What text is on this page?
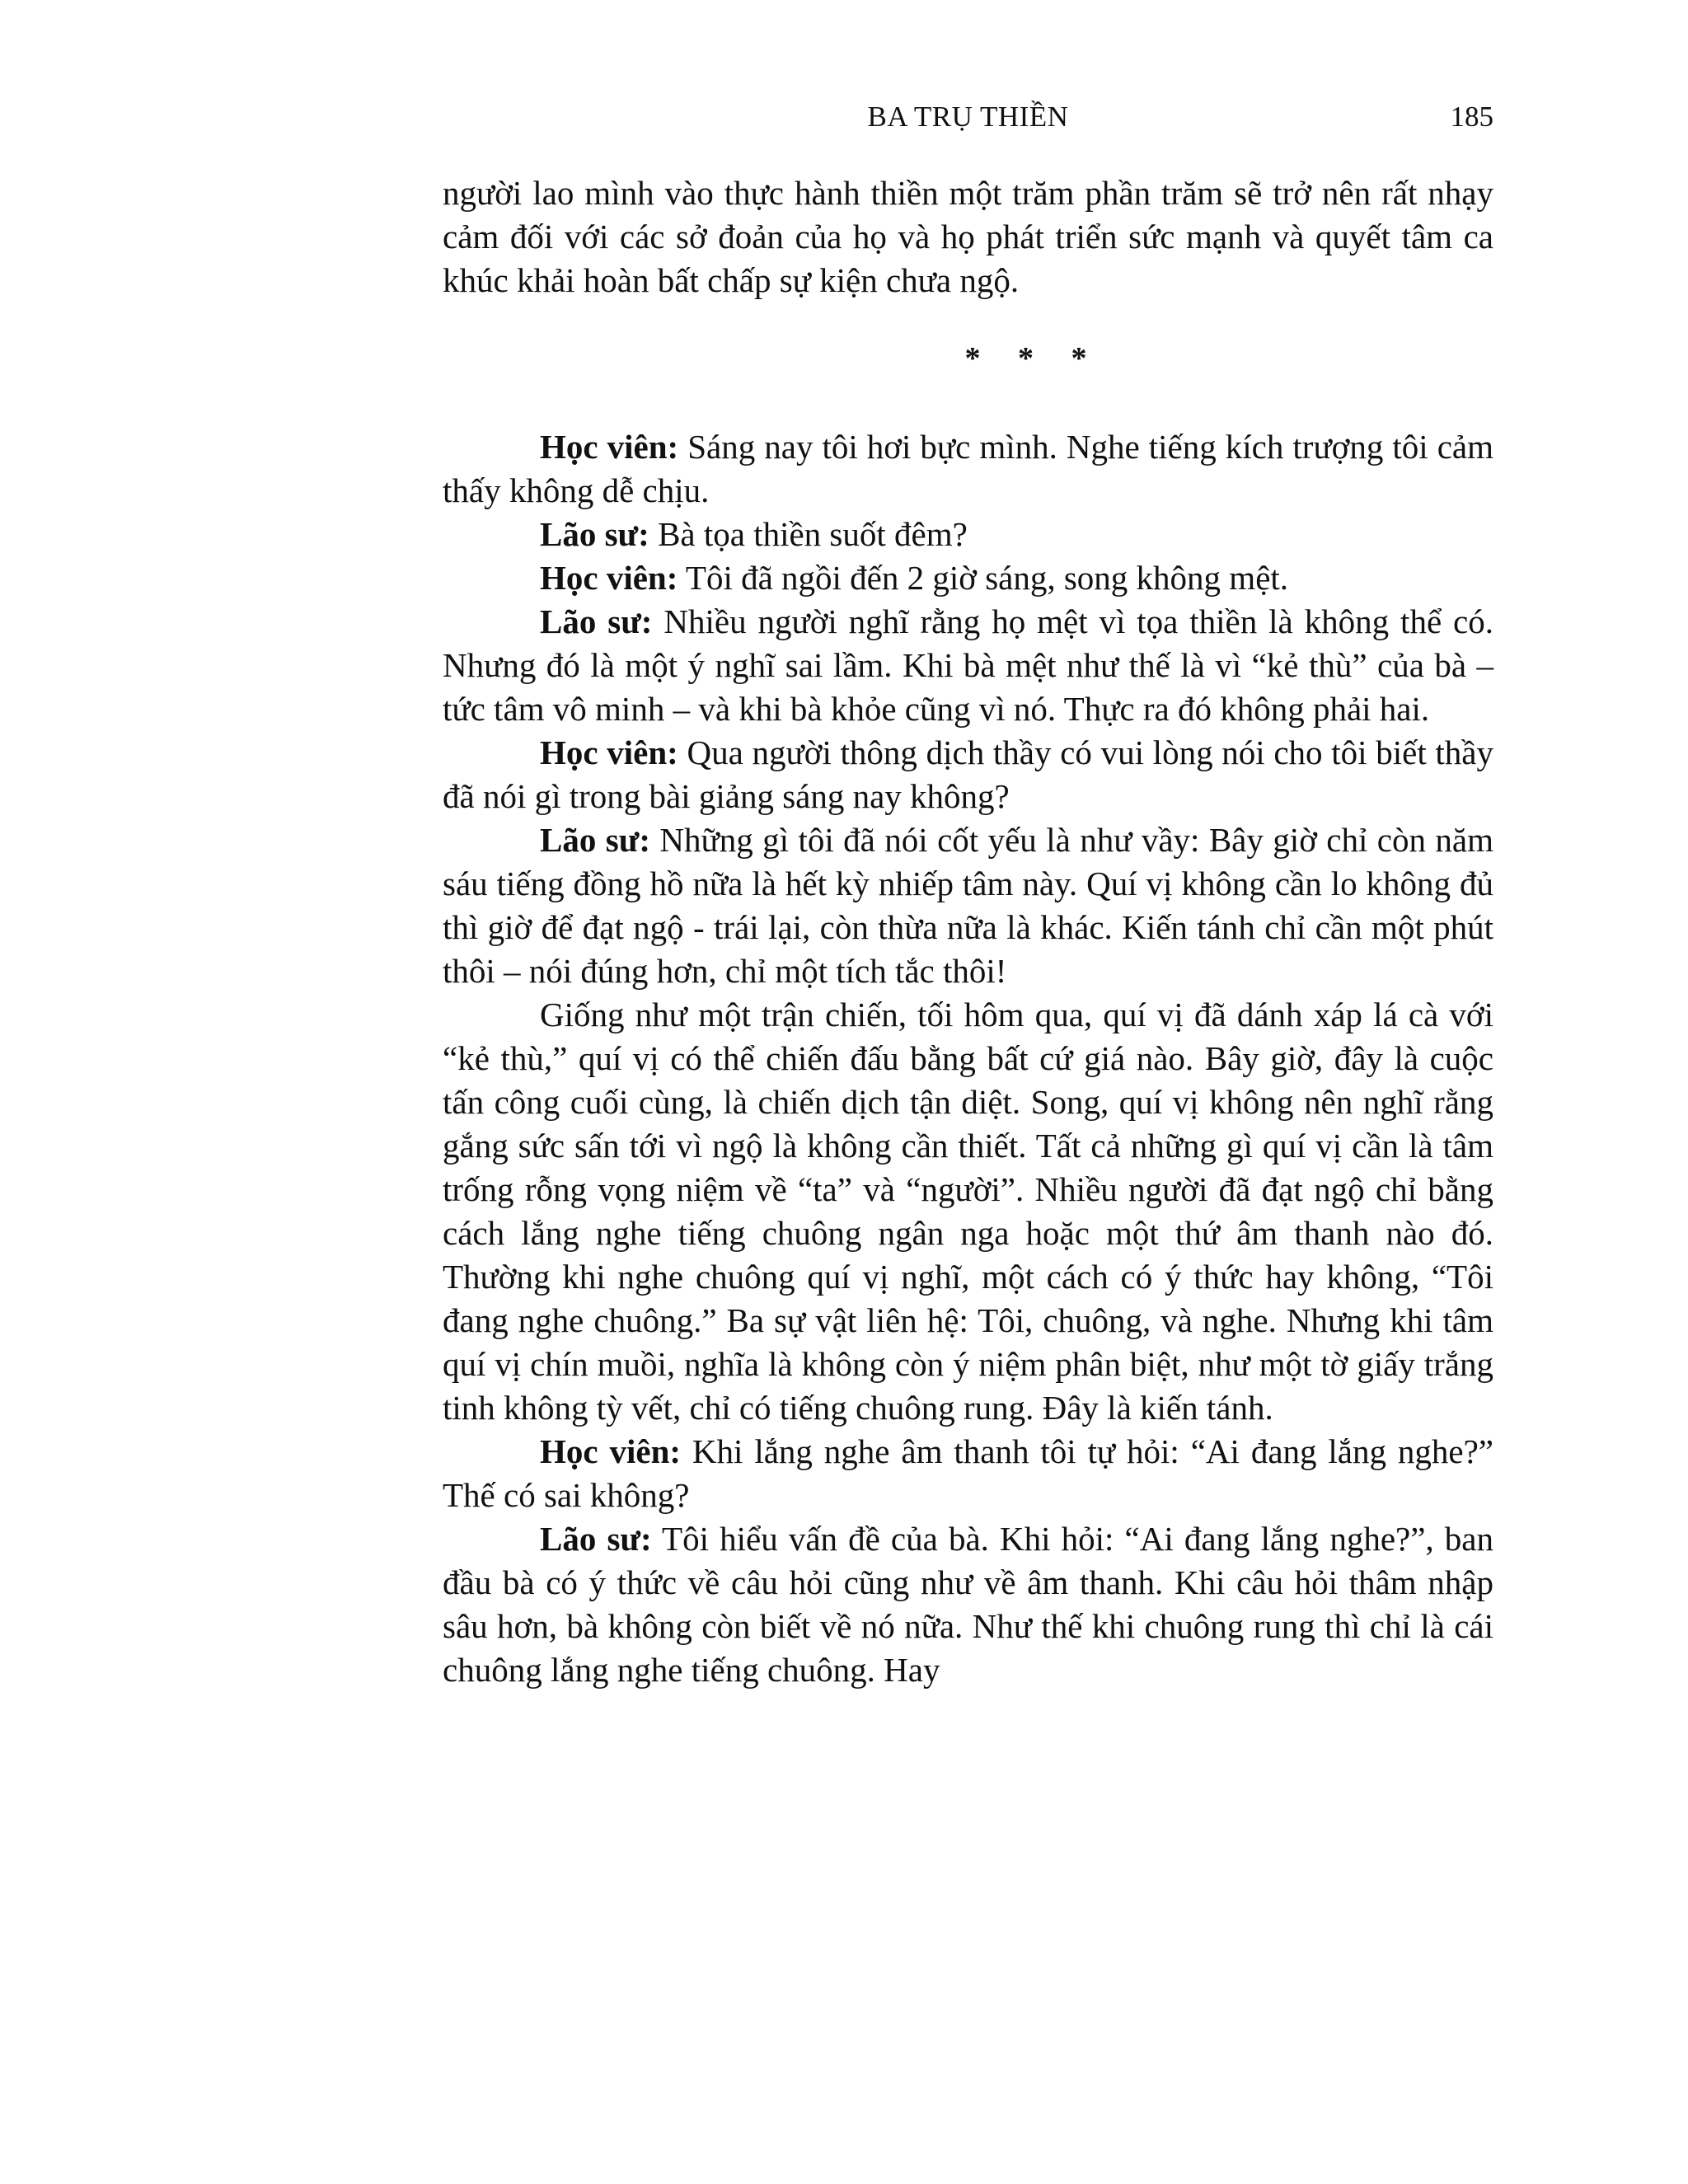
BA TRỤ THIỀN	185

người lao mình vào thực hành thiền một trăm phần trăm sẽ trở nên rất nhạy cảm đối với các sở đoản của họ và họ phát triển sức mạnh và quyết tâm ca khúc khải hoàn bất chấp sự kiện chưa ngộ.

* * *

Học viên: Sáng nay tôi hơi bực mình. Nghe tiếng kích trượng tôi cảm thấy không dễ chịu.

Lão sư: Bà tọa thiền suốt đêm?

Học viên: Tôi đã ngồi đến 2 giờ sáng, song không mệt.

Lão sư: Nhiều người nghĩ rằng họ mệt vì tọa thiền là không thể có. Nhưng đó là một ý nghĩ sai lầm. Khi bà mệt như thế là vì “kẻ thù” của bà – tức tâm vô minh – và khi bà khỏe cũng vì nó. Thực ra đó không phải hai.

Học viên: Qua người thông dịch thầy có vui lòng nói cho tôi biết thầy đã nói gì trong bài giảng sáng nay không?

Lão sư: Những gì tôi đã nói cốt yếu là như vầy: Bây giờ chỉ còn năm sáu tiếng đồng hồ nữa là hết kỳ nhiếp tâm này. Quí vị không cần lo không đủ thì giờ để đạt ngộ - trái lại, còn thừa nữa là khác. Kiến tánh chỉ cần một phút thôi – nói đúng hơn, chỉ một tích tắc thôi!

Giống như một trận chiến, tối hôm qua, quí vị đã dánh xáp lá cà với “kẻ thù,” quí vị có thể chiến đấu bằng bất cứ giá nào. Bây giờ, đây là cuộc tấn công cuối cùng, là chiến dịch tận diệt. Song, quí vị không nên nghĩ rằng gắng sức sấn tới vì ngộ là không cần thiết. Tất cả những gì quí vị cần là tâm trống rỗng vọng niệm về “ta” và “người”. Nhiều người đã đạt ngộ chỉ bằng cách lắng nghe tiếng chuông ngân nga hoặc một thứ âm thanh nào đó. Thường khi nghe chuông quí vị nghĩ, một cách có ý thức hay không, “Tôi đang nghe chuông.” Ba sự vật liên hệ: Tôi, chuông, và nghe. Nhưng khi tâm quí vị chín muồi, nghĩa là không còn ý niệm phân biệt, như một tờ giấy trắng tinh không tỳ vết, chỉ có tiếng chuông rung. Đây là kiến tánh.

Học viên: Khi lắng nghe âm thanh tôi tự hỏi: “Ai đang lắng nghe?” Thế có sai không?

Lão sư: Tôi hiểu vấn đề của bà. Khi hỏi: “Ai đang lắng nghe?”, ban đầu bà có ý thức về câu hỏi cũng như về âm thanh. Khi câu hỏi thâm nhập sâu hơn, bà không còn biết về nó nữa. Như thế khi chuông rung thì chỉ là cái chuông lắng nghe tiếng chuông. Hay
